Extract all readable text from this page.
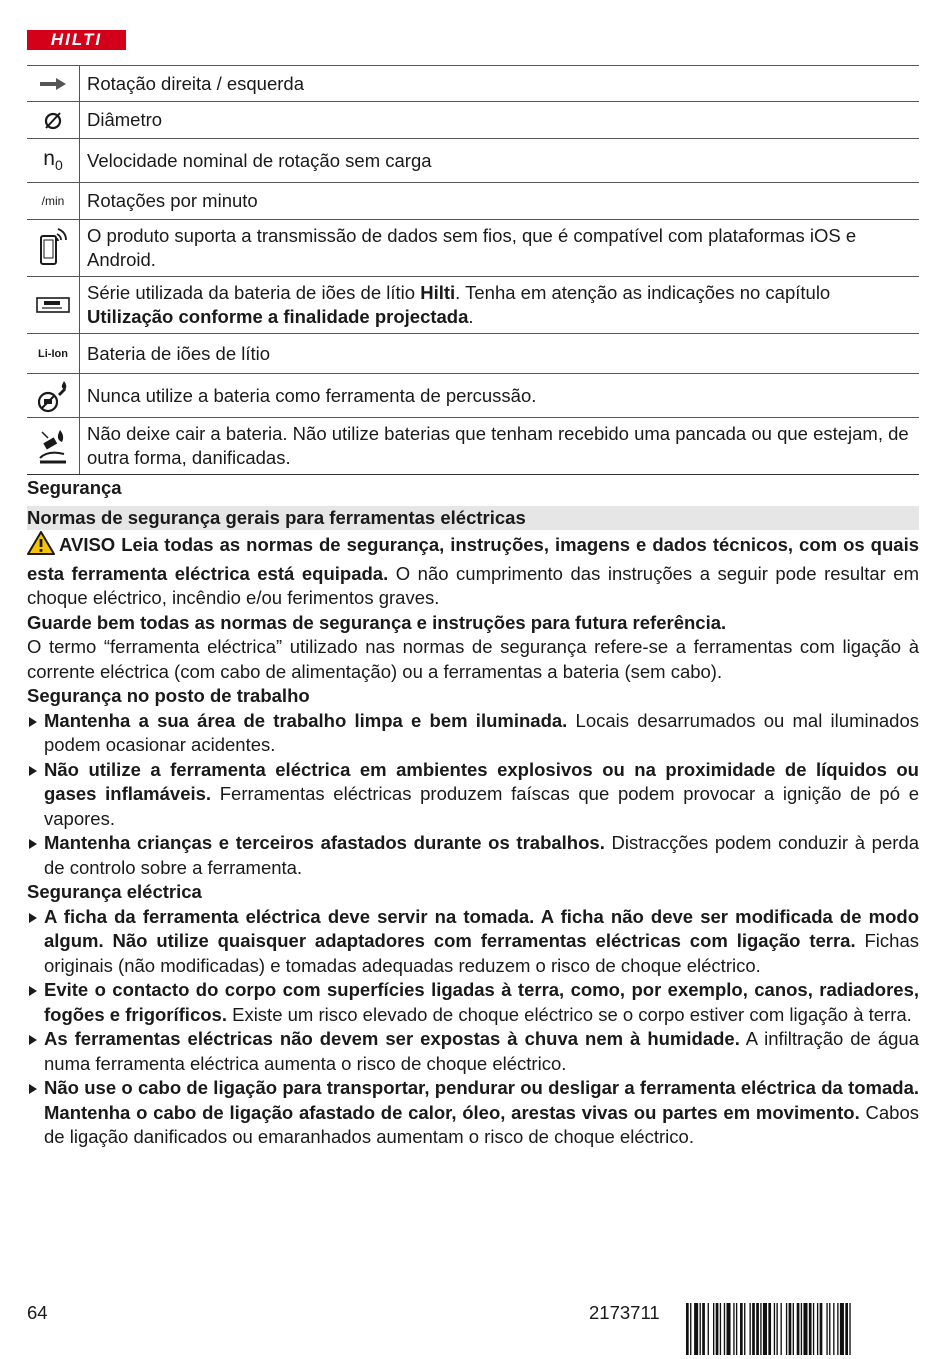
HILTI
	Rotação direita / esquerda

	Diâmetro
$n_0$	Velocidade nominal de rotação sem carga
/min	Rotações por minuto

	O produto suporta a transmissão de dados sem fios, que é compatível com plataformas iOS e Android.

	Série utilizada da bateria de iões de lítio Hilti. Tenha em atenção as indicações no capítulo Utilização conforme a finalidade projectada.
Li-Ion	Bateria de iões de lítio

	Nunca utilize a bateria como ferramenta de percussão.

	Não deixe cair a bateria. Não utilize baterias que tenham recebido uma pancada ou que estejam, de outra forma, danificadas.
Segurança
Normas de segurança gerais para ferramentas eléctricas

AVISO Leia todas as normas de segurança, instruções, imagens e dados técnicos, com os quais esta ferramenta eléctrica está equipada. O não cumprimento das instruções a seguir pode resultar em choque eléctrico, incêndio e/ou ferimentos graves.

Guarde bem todas as normas de segurança e instruções para futura referência.

O termo “ferramenta eléctrica” utilizado nas normas de segurança refere-se a ferramentas com ligação à corrente eléctrica (com cabo de alimentação) ou a ferramentas a bateria (sem cabo).

Segurança no posto de trabalho
Mantenha a sua área de trabalho limpa e bem iluminada. Locais desarrumados ou mal iluminados podem ocasionar acidentes.
Não utilize a ferramenta eléctrica em ambientes explosivos ou na proximidade de líquidos ou gases inflamáveis. Ferramentas eléctricas produzem faíscas que podem provocar a ignição de pó e vapores.
Mantenha crianças e terceiros afastados durante os trabalhos. Distracções podem conduzir à perda de controlo sobre a ferramenta.
Segurança eléctrica
A ficha da ferramenta eléctrica deve servir na tomada. A ficha não deve ser modificada de modo algum. Não utilize quaisquer adaptadores com ferramentas eléctricas com ligação terra. Fichas originais (não modificadas) e tomadas adequadas reduzem o risco de choque eléctrico.
Evite o contacto do corpo com superfícies ligadas à terra, como, por exemplo, canos, radiadores, fogões e frigoríficos. Existe um risco elevado de choque eléctrico se o corpo estiver com ligação à terra.
As ferramentas eléctricas não devem ser expostas à chuva nem à humidade. A infiltração de água numa ferramenta eléctrica aumenta o risco de choque eléctrico.
Não use o cabo de ligação para transportar, pendurar ou desligar a ferramenta eléctrica da tomada. Mantenha o cabo de ligação afastado de calor, óleo, arestas vivas ou partes em movimento. Cabos de ligação danificados ou emaranhados aumentam o risco de choque eléctrico.
64	2173711
